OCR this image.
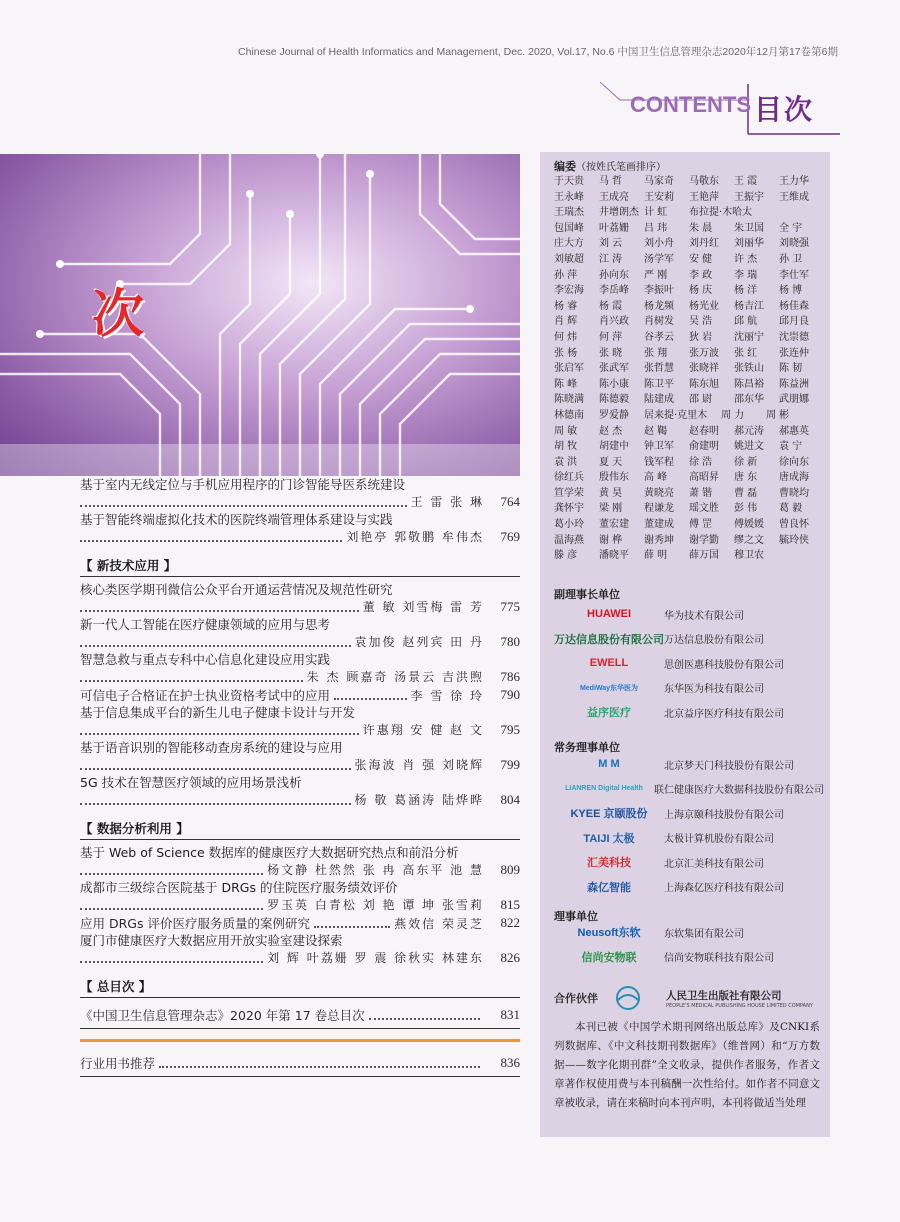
Chinese Journal of Health Informatics and Management, Dec. 2020, Vol.17, No.6 中国卫生信息管理杂志2020年12月第17卷第6期
CONTENTS 目次
次
基于室内无线定位与手机应用程序的门诊智能导医系统建设
王 雷 张 琳	764
基于智能终端虚拟化技术的医院终端管理体系建设与实践
刘艳亭 郭敬鹏 牟伟杰	769
【 新技术应用 】
核心类医学期刊微信公众平台开通运营情况及规范性研究
董 敏 刘雪梅 雷 芳	775
新一代人工智能在医疗健康领域的应用与思考
袁加俊 赵列宾 田 丹	780
智慧急救与重点专科中心信息化建设应用实践
朱 杰 顾嘉奇 汤景云 吉洪煦	786
可信电子合格证在护士执业资格考试中的应用	李 雪 徐 玲	790
基于信息集成平台的新生儿电子健康卡设计与开发
许惠翔 安 健 赵 文	795
基于语音识别的智能移动查房系统的建设与应用
张海波 肖 强 刘晓辉	799
5G 技术在智慧医疗领域的应用场景浅析
杨 敬 葛涵涛 陆烨晔	804
【 数据分析利用 】
基于 Web of Science 数据库的健康医疗大数据研究热点和前沿分析
杨文静 杜然然 张 冉 高东平 池 慧	809
成都市三级综合医院基于 DRGs 的住院医疗服务绩效评价
罗玉英 白青松 刘 艳 谭 坤 张雪莉	815
应用 DRGs 评价医疗服务质量的案例研究	燕效信 荣灵芝	822
厦门市健康医疗大数据应用开放实验室建设探索
刘 辉 叶荔姗 罗 震 徐秋实 林建东	826
【 总目次 】
《中国卫生信息管理杂志》2020 年第 17 卷总目次	831
行业用书推荐	836
编委（按姓氏笔画排序）
于天贵	马 哲	马家奇	马敬东	王 霞	王力华
王永峰	王成亮	王安莉	王艳萍	王振宇	王维成
王瑞杰	井增朗杰 计 虹	布拉提·木哈太
包国峰	叶荔姗	吕 玮	朱 晨	朱卫国	全 宇
庄大方	刘 云	刘小舟	刘丹红	刘丽华	刘晓强
刘敏超	江 涛	汤学军	安 健	许 杰	孙 卫
孙 萍	孙向东	严 刚	李 政	李 瑞	李仕军
李宏海	李岳峰	李振叶	杨 庆	杨 洋	杨 博
杨 睿	杨 霞	杨龙频	杨光业	杨吉江	杨佳森
肖 辉	肖兴政	肖树发	吴 浩	邱 航	邱月良
何 炜	何 萍	谷孝云	狄 岩	沈丽宁	沈崇德
张 杨	张 晓	张 翔	张万波	张 红	张连仲
张启军	张武军	张哲慧	张晓祥	张铁山	陈 韧
陈 峰	陈小康	陈卫平	陈东旭	陈昌裕	陈益洲
陈晓满	陈德毅	陆建成	邵 尉	邵东华	武朋娜
林德南	罗爱静	居来提·克里木	周 力	周 彬
周 敏	赵 杰	赵 鞨	赵春明	郝元涛	郝惠英
胡 牧	胡建中	钟卫军	俞建明	姚进文	袁 宁
袁 洪	夏 天	钱军程	徐 浩	徐 新	徐向东
徐红兵	殷伟东	高 峰	高昭昇	唐 东	唐成海
笪学荣	黄 昊	黄晓亮	萧 锴	曹 磊	曹晓均
龚怀宇	梁 刚	程谦龙	瑶文胜	彭 伟	葛 毅
葛小玲	董宏建	董建成	傅 罡	傅媛媛	曾良怀
温海燕	谢 桦	谢秀坤	谢学勤	缪之文	毓玲侠
滕 彦	潘晓平	薛 明	薛万国	穆卫农
副理事长单位
HUAWEI	华为技术有限公司
万达信息股份有限公司 万达信息股份有限公司
EWELL	思创医惠科技股份有限公司
MediWay东华医为	东华医为科技有限公司
益序医疗	北京益序医疗科技有限公司
常务理事单位
M M	北京梦天门科技股份有限公司
LIANREN Digital Health 联仁健康医疗大数据科技股份有限公司
KYEE 京颐股份 上海京颐科技股份有限公司
TAIJI 太极	太极计算机股份有限公司
汇美科技	北京汇美科技有限公司
森亿智能	上海森亿医疗科技有限公司
理事单位
Neusoft东软 东软集团有限公司
信尚安物联	信尚安物联科技有限公司
合作伙伴	人民卫生出版社有限公司
PEOPLE'S MEDICAL PUBLISHING HOUSE LIMITED COMPANY
本刊已被《中国学术期刊网络出版总库》及CNKI系列数据库、《中文科技期刊数据库》（维普网）和“万方数据——数字化期刊群”全文收录，提供作者服务，作者文章著作权使用费与本刊稿酬一次性给付。如作者不同意文章被收录，请在来稿时向本刊声明，本刊将做适当处理
